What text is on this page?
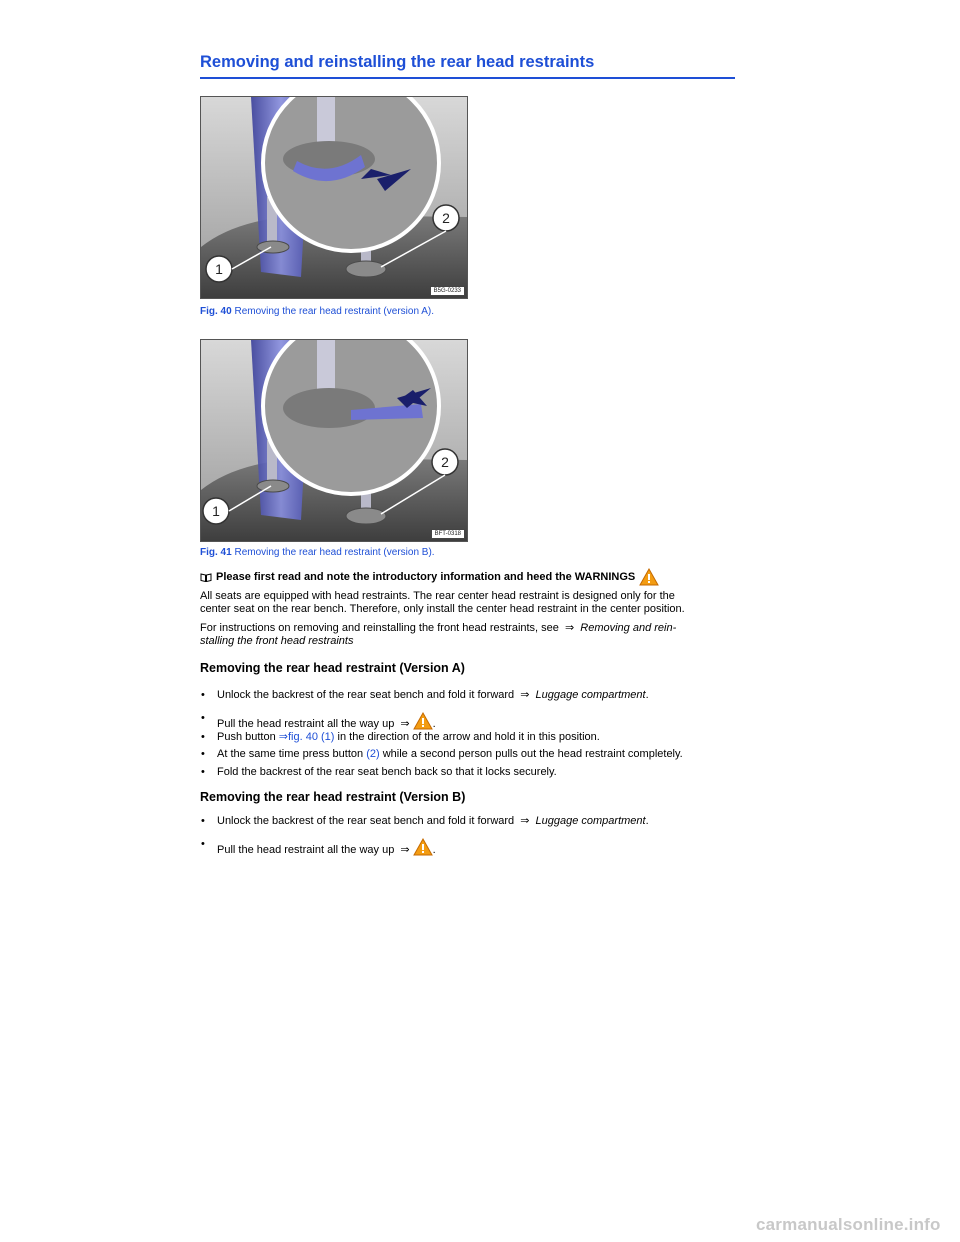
Removing and reinstalling the rear head restraints
1
2
B5G-0233
Fig. 40 Removing the rear head restraint (version A).
1
2
BFT-0318
Fig. 41 Removing the rear head restraint (version B).
Please first read and note the introductory information and heed the WARNINGS
All seats are equipped with head restraints. The rear center head restraint is designed only for the
center seat on the rear bench. Therefore, only install the center head restraint in the center position.
For instructions on removing and reinstalling the front head restraints, see ⇒ Removing and rein-
stalling the front head restraints
Removing the rear head restraint (Version A)
• Unlock the backrest of the rear seat bench and fold it forward ⇒ Luggage compartment.
• Pull the head restraint all the way up ⇒ .
• Push button ⇒fig. 40 (1) in the direction of the arrow and hold it in this position.
• At the same time press button (2) while a second person pulls out the head restraint completely.
• Fold the backrest of the rear seat bench back so that it locks securely.
Removing the rear head restraint (Version B)
• Unlock the backrest of the rear seat bench and fold it forward ⇒ Luggage compartment.
• Pull the head restraint all the way up ⇒ .
carmanualsonline.info
